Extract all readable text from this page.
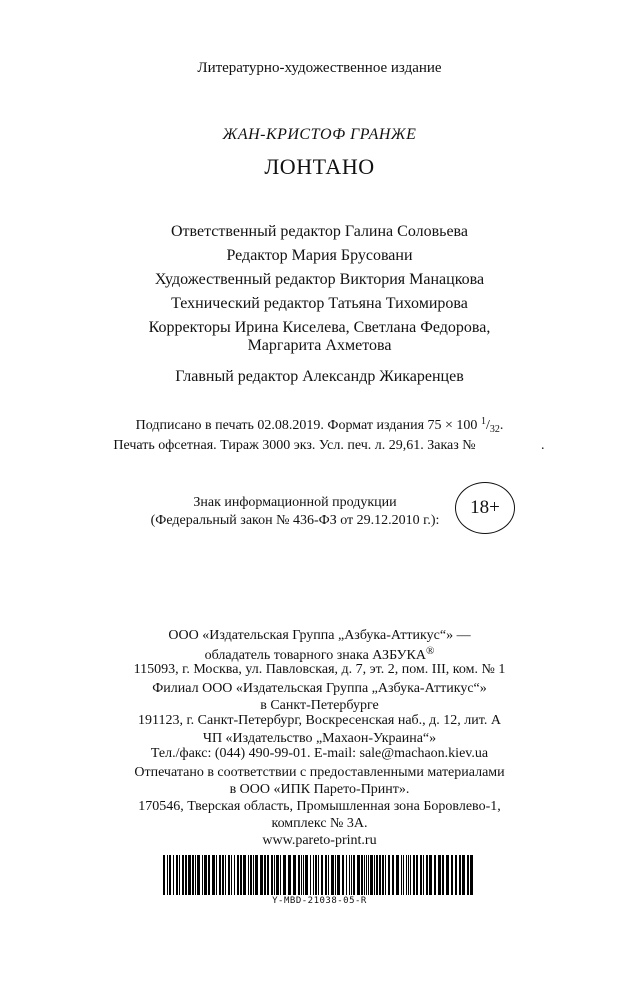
Литературно-художественное издание
ЖАН-КРИСТОФ ГРАНЖЕ
ЛОНТАНО
Ответственный редактор Галина Соловьева
Редактор Мария Брусовани
Художественный редактор Виктория Манацкова
Технический редактор Татьяна Тихомирова
Корректоры Ирина Киселева, Светлана Федорова,
Маргарита Ахметова
Главный редактор Александр Жикаренцев
Подписано в печать 02.08.2019. Формат издания 75 × 100 $^1/_{32}$.
Печать офсетная. Тираж 3000 экз. Усл. печ. л. 29,61. Заказ №	.
Знак информационной продукции
(Федеральный закон № 436-ФЗ от 29.12.2010 г.):
18+
ООО «Издательская Группа „Азбука-Аттикус“» —
обладатель товарного знака АЗБУКА®
115093, г. Москва, ул. Павловская, д. 7, эт. 2, пом. III, ком. № 1
Филиал ООО «Издательская Группа „Азбука-Аттикус“»
в Санкт-Петербурге
191123, г. Санкт-Петербург, Воскресенская наб., д. 12, лит. А
ЧП «Издательство „Махаон-Украина“»
Тел./факс: (044) 490-99-01. E-mail: sale@machaon.kiev.ua
Отпечатано в соответствии с предоставленными материалами
в ООО «ИПК Парето-Принт».
170546, Тверская область, Промышленная зона Боровлево-1,
комплекс № 3А.
www.pareto-print.ru
Y-MBD-21038-05-R
